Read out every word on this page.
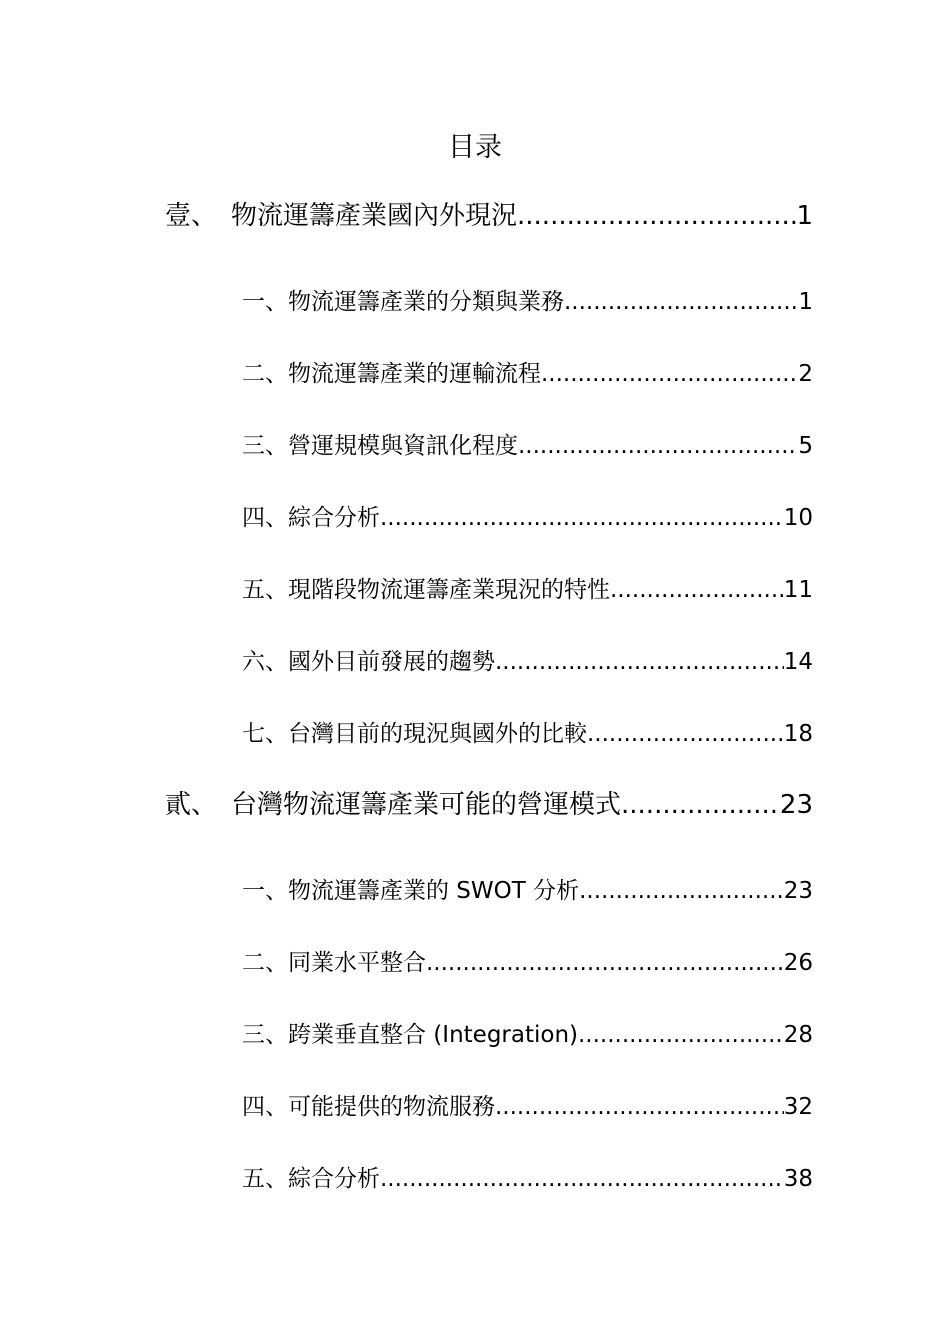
目录
壹、 物流運籌產業國內外現況 .....	1
一、 物流運籌產業的分類與業務 .....	1
二、 物流運籌產業的運輸流程 .....	2
三、 營運規模與資訊化程度 .....	5
四、 綜合分析 .....	10
五、 現階段物流運籌產業現況的特性 .....	11
六、 國外目前發展的趨勢 .....	14
七、 台灣目前的現況與國外的比較 .....	18
貳、 台灣物流運籌產業可能的營運模式 .....	23
一、 物流運籌產業的 SWOT 分析 .....	23
二、 同業水平整合 .....	26
三、 跨業垂直整合 (Integration) .....	28
四、 可能提供的物流服務 .....	32
五、 綜合分析 .....	38
